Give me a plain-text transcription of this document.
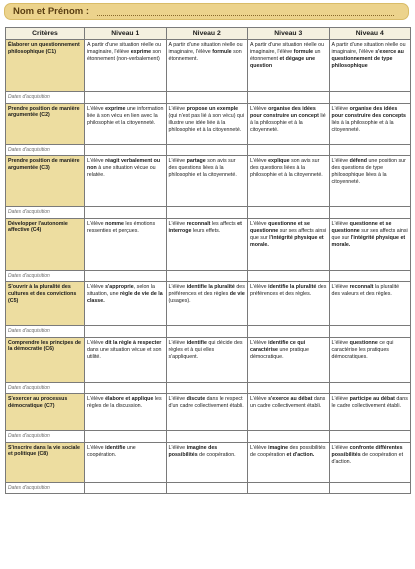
Nom et Prénom :
Critères	Niveau 1	Niveau 2	Niveau 3	Niveau 4
Élaborer un questionnement philosophique (C1)	A partir d'une situation réelle ou imaginaire, l'élève exprime son étonnement (non-verbalement)	A partir d'une situation réelle ou imaginaire, l'élève formule son étonnement.	A partir d'une situation réelle ou imaginaire, l'élève formule un étonnement et dégage une question	A partir d'une situation réelle ou imaginaire, l'élève s'exerce au questionnement de type philosophique
Dates d'acquisition				
Prendre position de manière argumentée (C2)	L'élève exprime une information liée à son vécu en lien avec la philosophie et la citoyenneté.	L'élève propose un exemple (qui n'est pas lié à son vécu) qui illustre une idée liée à la philosophie et à la citoyenneté.	L'élève organise des idées pour construire un concept lié à la philosophie et à la citoyenneté.	L'élève organise des idées pour construire des concepts liés à la philosophie et à la citoyenneté.
Dates d'acquisition				
Prendre position de manière argumentée (C3)	L'élève réagit verbalement ou non à une situation vécue ou relatée.	L'élève partage son avis sur des questions liées à la philosophie et la citoyenneté.	L'élève explique son avis sur des questions liées à la philosophie et à la citoyenneté.	L'élève défend une position sur des questions de type philosophique liées à la citoyenneté.
Dates d'acquisition				
Développer l'autonomie affective (C4)	L'élève nomme les émotions ressenties et perçues.	L'élève reconnaît les affects et interroge leurs effets.	L'élève questionne et se questionne sur ses affects ainsi que sur l'intégrité physique et morale.	L'élève questionne et se questionne sur ses affects ainsi que sur l'intégrité physique et morale.
Dates d'acquisition				
S'ouvrir à la pluralité des cultures et des convictions (C5)	L'élève s'approprie, selon la situation, une règle de vie de la classe.	L'élève identifie la pluralité des préférences et des règles de vie (usages).	L'élève identifie la pluralité des préférences et des règles.	L'élève reconnaît la pluralité des valeurs et des règles.
Dates d'acquisition				
Comprendre les principes de la démocratie (C6)	L'élève dit la règle à respecter dans une situation vécue et son utilité.	L'élève identifie qui décide des règles et à qui elles s'appliquent.	L'élève identifie ce qui caractérise une pratique démocratique.	L'élève questionne ce qui caractérise les pratiques démocratiques.
Dates d'acquisition				
S'exercer au processus démocratique (C7)	L'élève élabore et applique les règles de la discussion.	L'élève discute dans le respect d'un cadre collectivement établi.	L'élève s'exerce au débat dans un cadre collectivement établi.	L'élève participe au débat dans le cadre collectivement établi.
Dates d'acquisition				
S'inscrire dans la vie sociale et politique (C8)	L'élève identifie une coopération.	L'élève imagine des possibilités de coopération.	L'élève imagine des possibilités de coopération et d'action.	L'élève confronte différentes possibilités de coopération et d'action.
Dates d'acquisition				
